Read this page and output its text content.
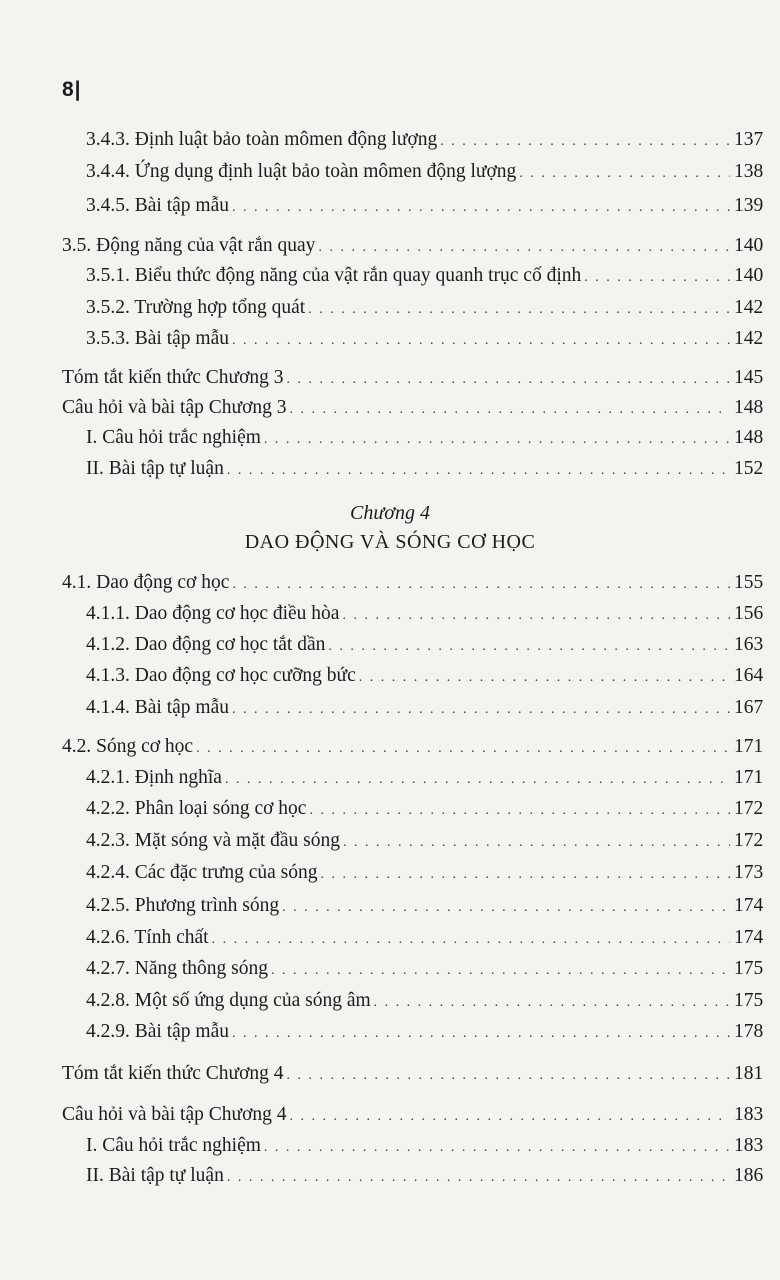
8|
3.4.3. Định luật bảo toàn mômen động lượng . . .	137
3.4.4. Ứng dụng định luật bảo toàn mômen động lượng . . .	138
3.4.5. Bài tập mẫu . . .	139
3.5. Động năng của vật rắn quay . . .	140
3.5.1. Biểu thức động năng của vật rắn quay quanh trục cố định . . .	140
3.5.2. Trường hợp tổng quát . . .	142
3.5.3. Bài tập mẫu . . .	142
Tóm tắt kiến thức Chương 3 . . .	145
Câu hỏi và bài tập Chương 3 . . .	148
I. Câu hỏi trắc nghiệm . . .	148
II. Bài tập tự luận . . .	152
Chương 4
DAO ĐỘNG VÀ SÓNG CƠ HỌC
4.1. Dao động cơ học . . .	155
4.1.1. Dao động cơ học điều hòa . . .	156
4.1.2. Dao động cơ học tắt dần . . .	163
4.1.3. Dao động cơ học cưỡng bức . . .	164
4.1.4. Bài tập mẫu . . .	167
4.2. Sóng cơ học . . .	171
4.2.1. Định nghĩa . . .	171
4.2.2. Phân loại sóng cơ học . . .	172
4.2.3. Mặt sóng và mặt đầu sóng . . .	172
4.2.4. Các đặc trưng của sóng . . .	173
4.2.5. Phương trình sóng . . .	174
4.2.6. Tính chất . . .	174
4.2.7. Năng thông sóng . . .	175
4.2.8. Một số ứng dụng của sóng âm . . .	175
4.2.9. Bài tập mẫu . . .	178
Tóm tắt kiến thức Chương 4 . . .	181
Câu hỏi và bài tập Chương 4 . . .	183
I. Câu hỏi trắc nghiệm . . .	183
II. Bài tập tự luận . . .	186
